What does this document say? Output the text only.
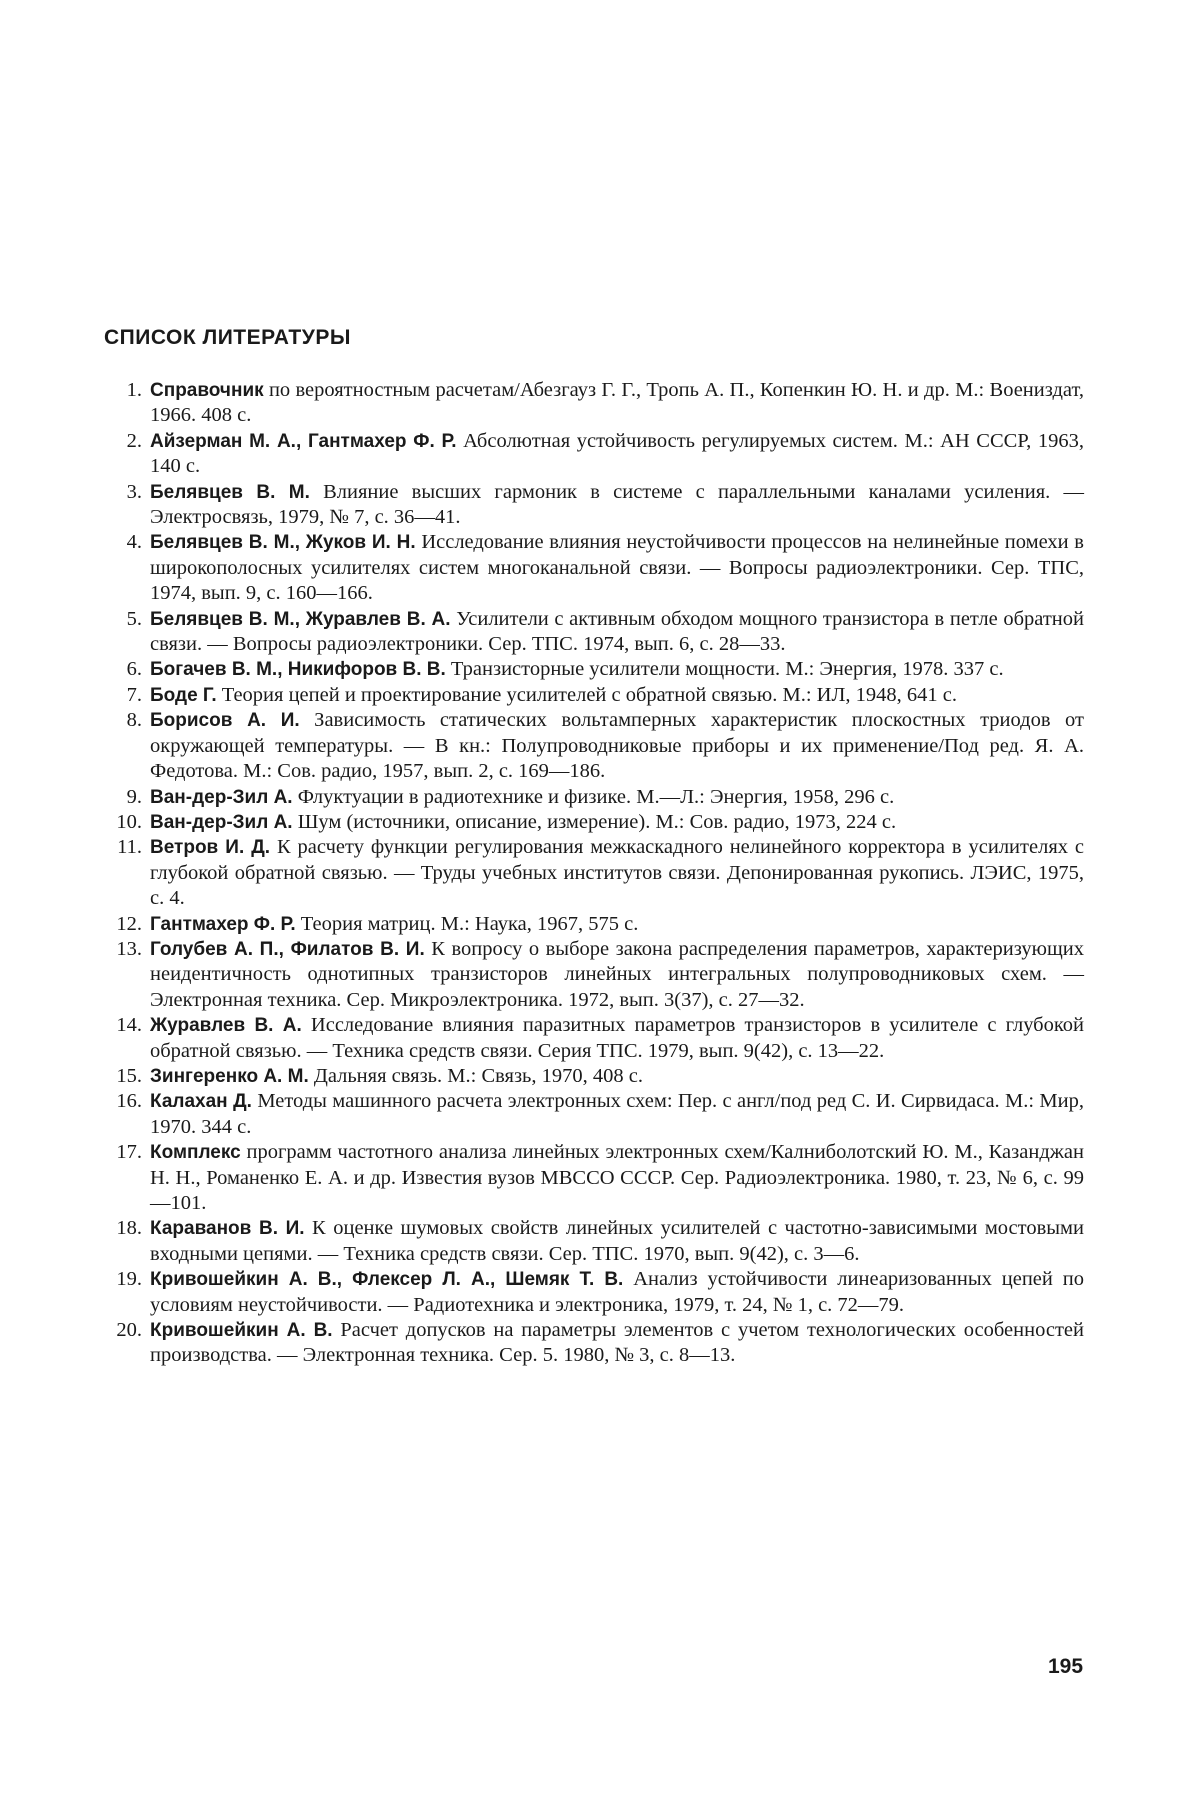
СПИСОК ЛИТЕРАТУРЫ
1. Справочник по вероятностным расчетам/Абезгауз Г. Г., Тропь А. П., Копенкин Ю. Н. и др. М.: Воениздат, 1966. 408 с.
2. Айзерман М. А., Гантмахер Ф. Р. Абсолютная устойчивость регулируемых систем. М.: АН СССР, 1963, 140 с.
3. Белявцев В. М. Влияние высших гармоник в системе с параллельными каналами усиления. — Электросвязь, 1979, № 7, с. 36—41.
4. Белявцев В. М., Жуков И. Н. Исследование влияния неустойчивости процессов на нелинейные помехи в широкополосных усилителях систем многоканальной связи. — Вопросы радиоэлектроники. Сер. ТПС, 1974, вып. 9, с. 160—166.
5. Белявцев В. М., Журавлев В. А. Усилители с активным обходом мощного транзистора в петле обратной связи. — Вопросы радиоэлектроники. Сер. ТПС. 1974, вып. 6, с. 28—33.
6. Богачев В. М., Никифоров В. В. Транзисторные усилители мощности. М.: Энергия, 1978. 337 с.
7. Боде Г. Теория цепей и проектирование усилителей с обратной связью. М.: ИЛ, 1948, 641 с.
8. Борисов А. И. Зависимость статических вольтамперных характеристик плоскостных триодов от окружающей температуры. — В кн.: Полупроводниковые приборы и их применение/Под ред. Я. А. Федотова. М.: Сов. радио, 1957, вып. 2, с. 169—186.
9. Ван-дер-Зил А. Флуктуации в радиотехнике и физике. М.—Л.: Энергия, 1958, 296 с.
10. Ван-дер-Зил А. Шум (источники, описание, измерение). М.: Сов. радио, 1973, 224 с.
11. Ветров И. Д. К расчету функции регулирования межкаскадного нелинейного корректора в усилителях с глубокой обратной связью. — Труды учебных институтов связи. Депонированная рукопись. ЛЭИС, 1975, с. 4.
12. Гантмахер Ф. Р. Теория матриц. М.: Наука, 1967, 575 с.
13. Голубев А. П., Филатов В. И. К вопросу о выборе закона распределения параметров, характеризующих неидентичность однотипных транзисторов линейных интегральных полупроводниковых схем. — Электронная техника. Сер. Микроэлектроника. 1972, вып. 3(37), с. 27—32.
14. Журавлев В. А. Исследование влияния паразитных параметров транзисторов в усилителе с глубокой обратной связью. — Техника средств связи. Серия ТПС. 1979, вып. 9(42), с. 13—22.
15. Зингеренко А. М. Дальняя связь. М.: Связь, 1970, 408 с.
16. Калахан Д. Методы машинного расчета электронных схем: Пер. с англ/под ред С. И. Сирвидаса. М.: Мир, 1970. 344 с.
17. Комплекс программ частотного анализа линейных электронных схем/Калниболотский Ю. М., Казанджан Н. Н., Романенко Е. А. и др. Известия вузов МВССО СССР. Сер. Радиоэлектроника. 1980, т. 23, № 6, с. 99—101.
18. Караванов В. И. К оценке шумовых свойств линейных усилителей с частотно-зависимыми мостовыми входными цепями. — Техника средств связи. Сер. ТПС. 1970, вып. 9(42), с. 3—6.
19. Кривошейкин А. В., Флексер Л. А., Шемяк Т. В. Анализ устойчивости линеаризованных цепей по условиям неустойчивости. — Радиотехника и электроника, 1979, т. 24, № 1, с. 72—79.
20. Кривошейкин А. В. Расчет допусков на параметры элементов с учетом технологических особенностей производства. — Электронная техника. Сер. 5. 1980, № 3, с. 8—13.
195
